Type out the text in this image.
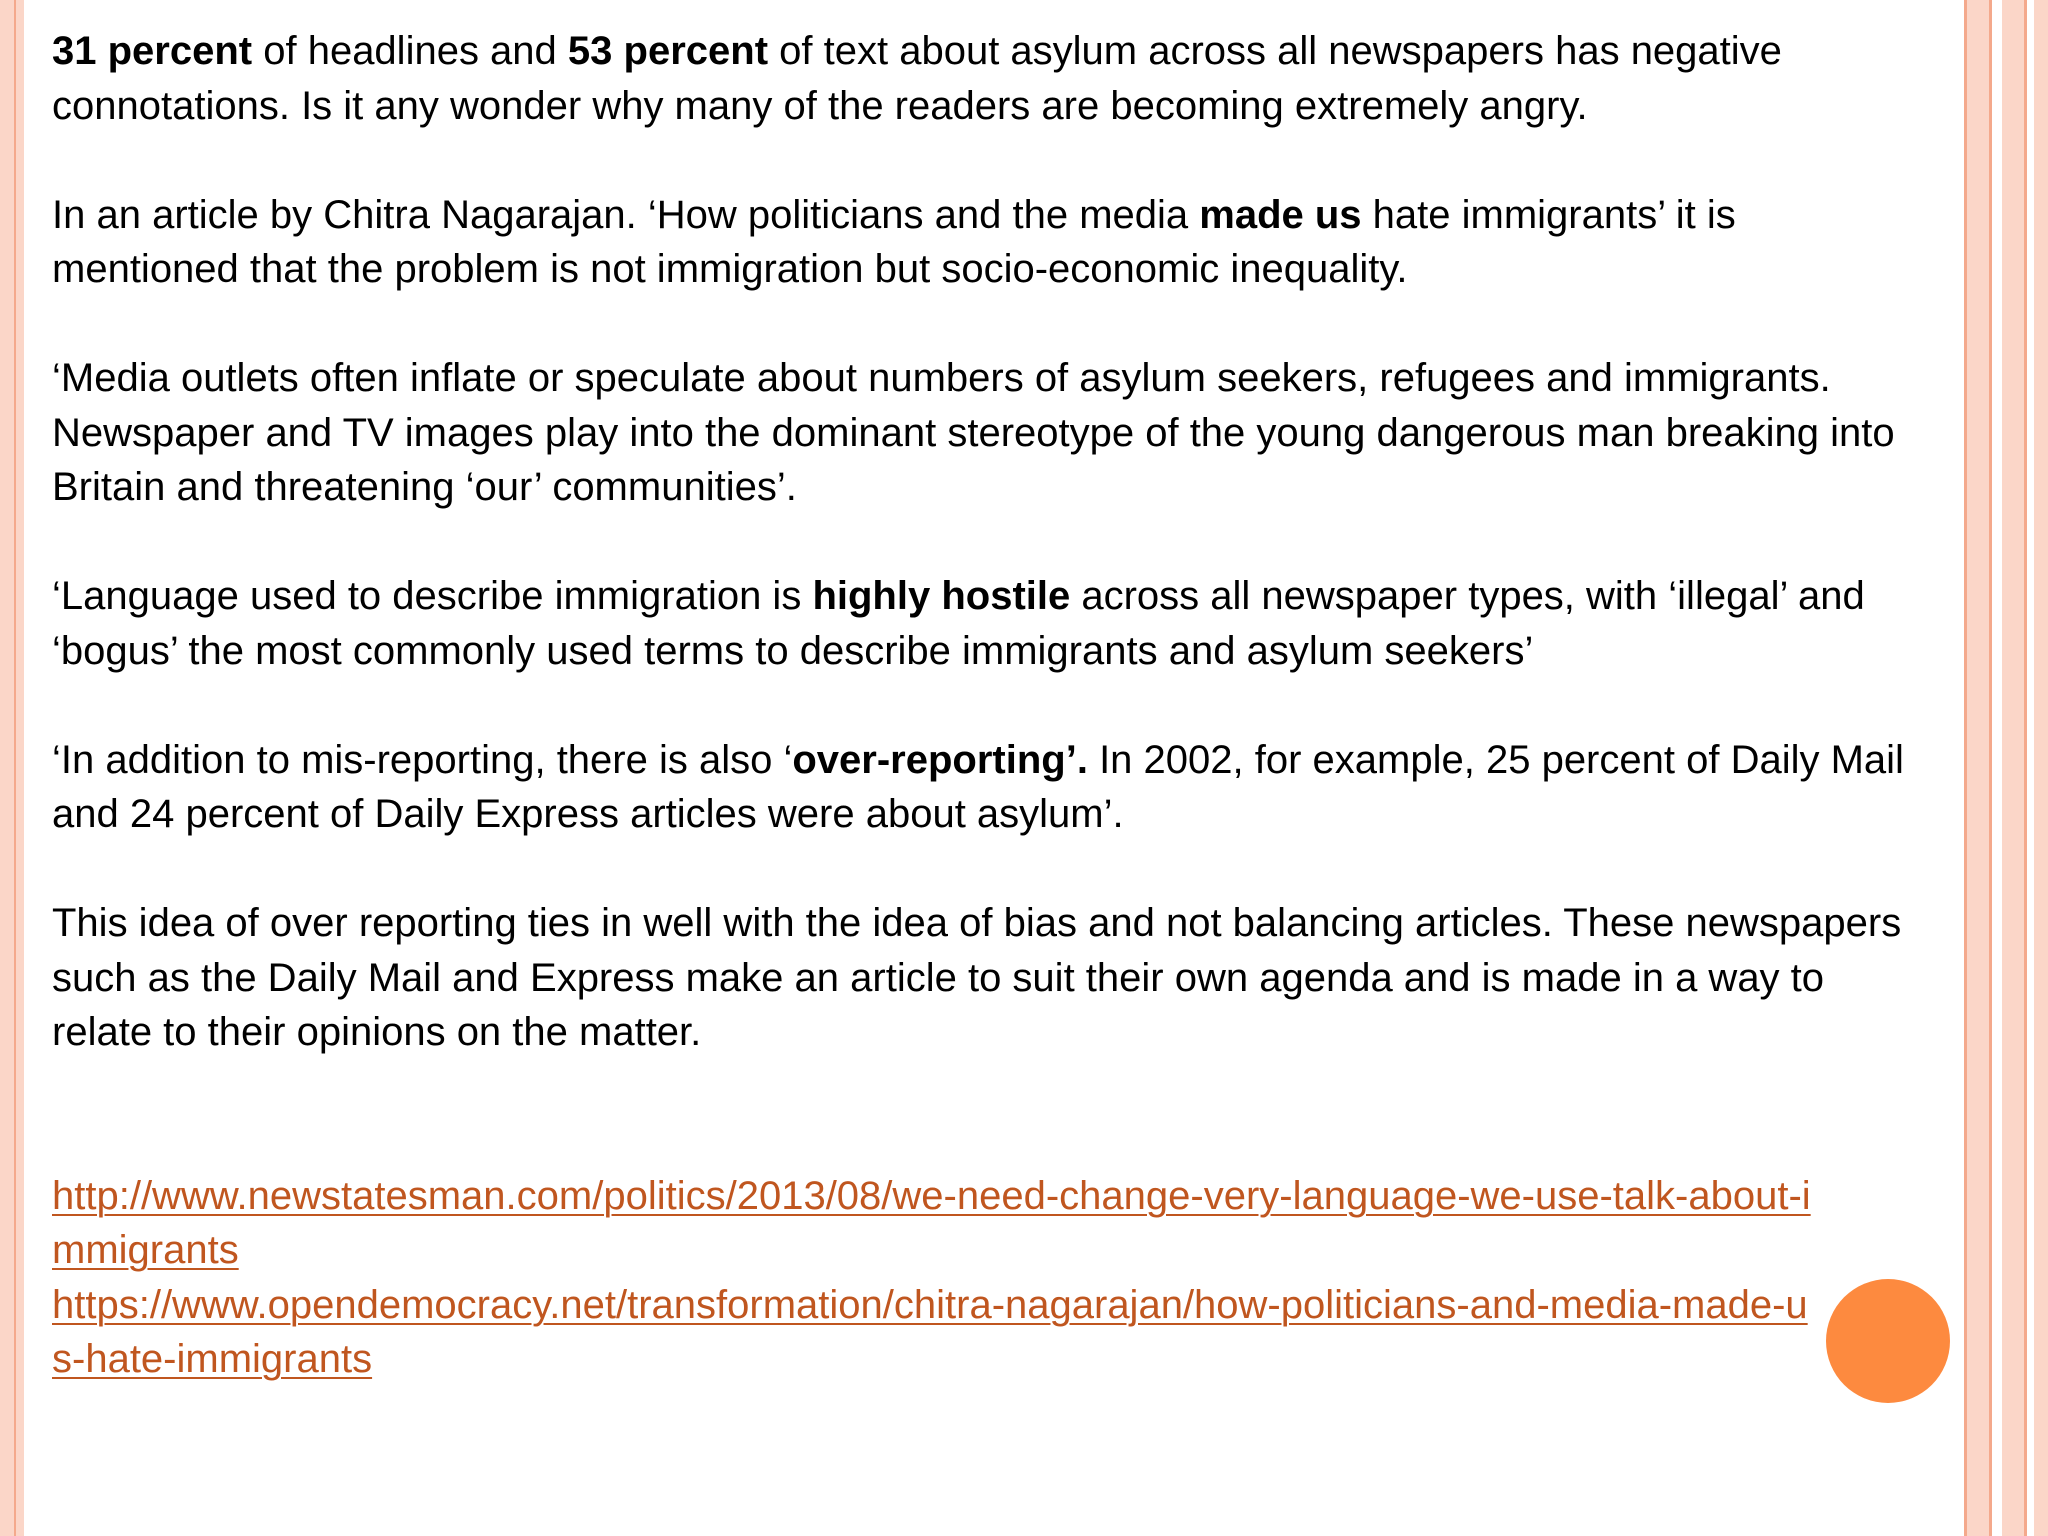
31 percent of headlines and 53 percent of text about asylum across all newspapers has negative connotations. Is it any wonder why many of the readers are becoming extremely angry.

In an article by Chitra Nagarajan. ‘How politicians and the media made us hate immigrants’ it is mentioned that the problem is not immigration but socio-economic inequality.

‘Media outlets often inflate or speculate about numbers of asylum seekers, refugees and immigrants. Newspaper and TV images play into the dominant stereotype of the young dangerous man breaking into Britain and threatening ‘our’ communities’.

‘Language used to describe immigration is highly hostile across all newspaper types, with ‘illegal’ and ‘bogus’ the most commonly used terms to describe immigrants and asylum seekers’

‘In addition to mis-reporting, there is also ‘over-reporting’. In 2002, for example, 25 percent of Daily Mail and 24 percent of Daily Express articles were about asylum’.

This idea of over reporting ties in well with the idea of bias and not balancing articles. These newspapers such as the Daily Mail and Express make an article to suit their own agenda and is made in a way to relate to their opinions on the matter.

http://www.newstatesman.com/politics/2013/08/we-need-change-very-language-we-use-talk-about-immigrants
https://www.opendemocracy.net/transformation/chitra-nagarajan/how-politicians-and-media-made-us-hate-immigrants
